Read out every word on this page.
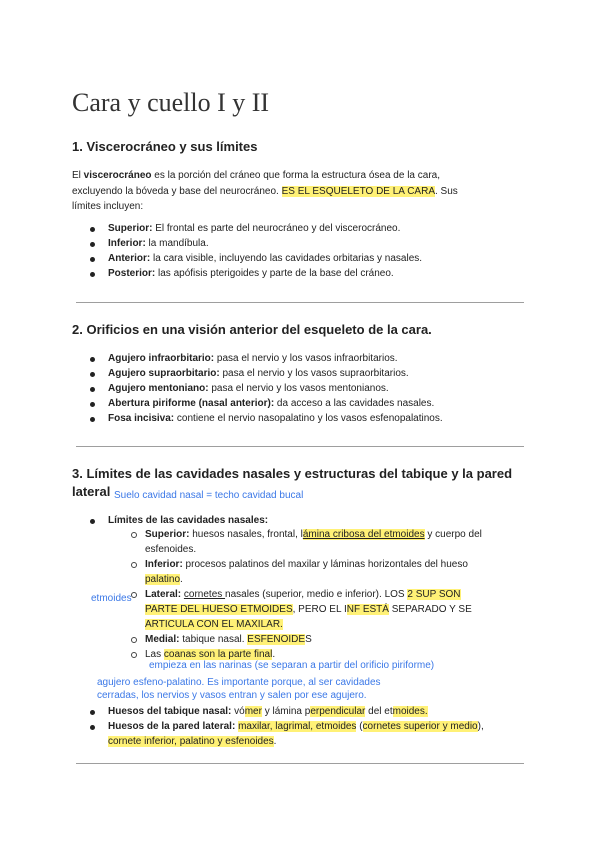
Cara y cuello I y II
1. Viscerocráneo y sus límites
El viscerocráneo es la porción del cráneo que forma la estructura ósea de la cara,
excluyendo la bóveda y base del neurocráneo. ES EL ESQUELETO DE LA CARA. Sus
límites incluyen:
Superior: El frontal es parte del neurocráneo y del viscerocráneo.
Inferior: la mandíbula.
Anterior: la cara visible, incluyendo las cavidades orbitarias y nasales.
Posterior: las apófisis pterigoides y parte de la base del cráneo.
2. Orificios en una visión anterior del esqueleto de la cara.
Agujero infraorbitario: pasa el nervio y los vasos infraorbitarios.
Agujero supraorbitario: pasa el nervio y los vasos supraorbitarios.
Agujero mentoniano: pasa el nervio y los vasos mentonianos.
Abertura piriforme (nasal anterior): da acceso a las cavidades nasales.
Fosa incisiva: contiene el nervio nasopalatino y los vasos esfenopalatinos.
3. Límites de las cavidades nasales y estructuras del tabique y la pared
lateral Suelo cavidad nasal = techo cavidad bucal
Límites de las cavidades nasales:
Superior: huesos nasales, frontal, lámina cribosa del etmoides y cuerpo del
esfenoides.
Inferior: procesos palatinos del maxilar y láminas horizontales del hueso
palatino.
etmoides Lateral: cornetes nasales (superior, medio e inferior). LOS 2 SUP SON
PARTE DEL HUESO ETMOIDES, PERO EL INF ESTÁ SEPARADO Y SE
ARTICULA CON EL MAXILAR.
Medial: tabique nasal. ESFENOIDES
Las coanas son la parte final.
empieza en las narinas (se separan a partir del orificio piriforme)
agujero esfeno-palatino. Es importante porque, al ser cavidades
cerradas, los nervios y vasos entran y salen por ese agujero.
Huesos del tabique nasal: vómer y lámina perpendicular del etmoides.
Huesos de la pared lateral: maxilar, lagrimal, etmoides (cornetes superior y medio),
cornete inferior, palatino y esfenoides.
